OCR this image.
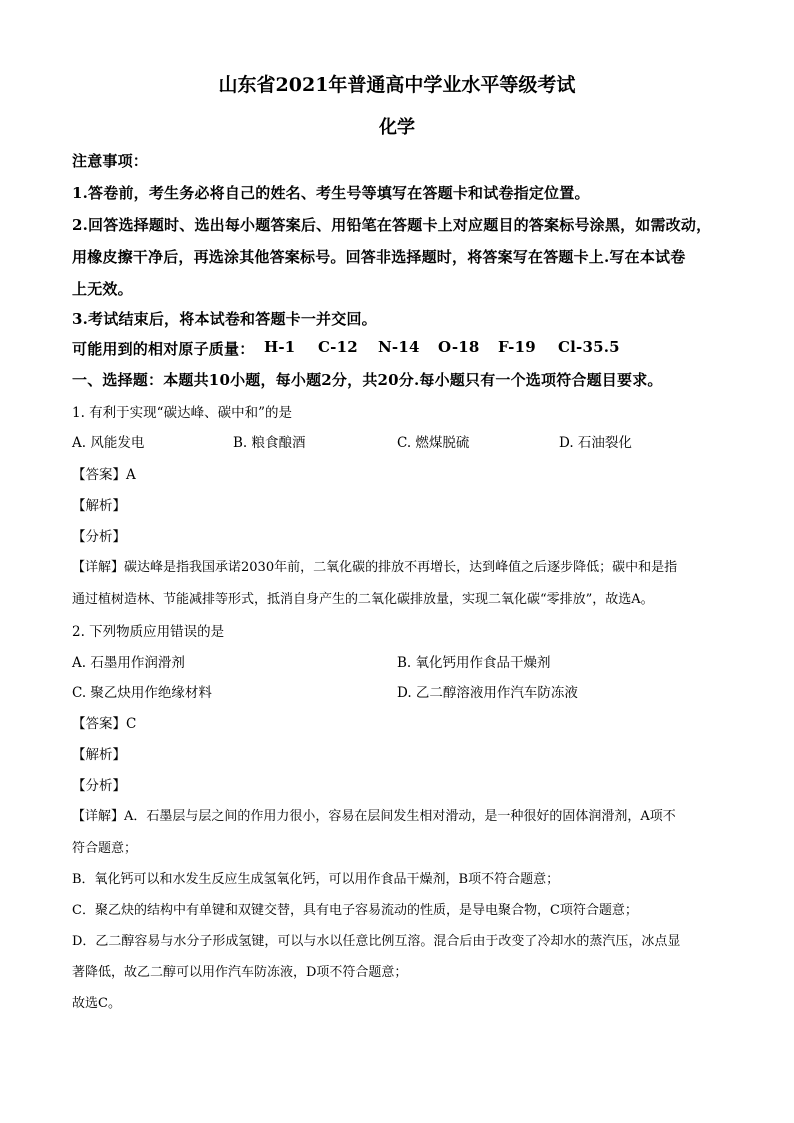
山东省2021年普通高中学业水平等级考试
化学
注意事项：
1.答卷前，考生务必将自己的姓名、考生号等填写在答题卡和试卷指定位置。
2.回答选择题时、选出每小题答案后、用铅笔在答题卡上对应题目的答案标号涂黑，如需改动，
用橡皮擦干净后，再选涂其他答案标号。回答非选择题时，将答案写在答题卡上.写在本试卷
上无效。
3.考试结束后，将本试卷和答题卡一并交回。
可能用到的相对原子质量： H-1 C-12 N-14 O-18 F-19 Cl-35.5
一、选择题：本题共10小题，每小题2分，共20分.每小题只有一个选项符合题目要求。
1. 有利于实现“碳达峰、碳中和”的是
A. 风能发电	B. 粮食酿酒	C. 燃煤脱硫	D. 石油裂化
【答案】A
【解析】
【分析】
【详解】碳达峰是指我国承诺2030年前，二氧化碳的排放不再增长，达到峰值之后逐步降低；碳中和是指
通过植树造林、节能减排等形式，抵消自身产生的二氧化碳排放量，实现二氧化碳“零排放”，故选A。
2. 下列物质应用错误的是
A. 石墨用作润滑剂	B. 氧化钙用作食品干燥剂
C. 聚乙炔用作绝缘材料	D. 乙二醇溶液用作汽车防冻液
【答案】C
【解析】
【分析】
【详解】A．石墨层与层之间的作用力很小，容易在层间发生相对滑动，是一种很好的固体润滑剂，A项不
符合题意；
B．氧化钙可以和水发生反应生成氢氧化钙，可以用作食品干燥剂，B项不符合题意；
C．聚乙炔的结构中有单键和双键交替，具有电子容易流动的性质，是导电聚合物，C项符合题意；
D．乙二醇容易与水分子形成氢键，可以与水以任意比例互溶。混合后由于改变了冷却水的蒸汽压，冰点显
著降低，故乙二醇可以用作汽车防冻液，D项不符合题意；
故选C。
